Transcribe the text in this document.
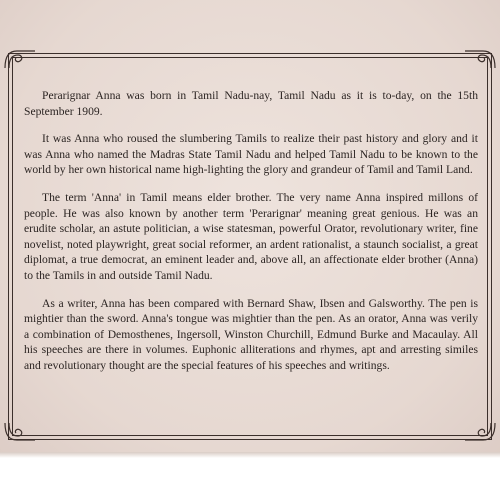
Perarignar Anna was born in Tamil Nadu-nay, Tamil Nadu as it is to-day, on the 15th September 1909.

It was Anna who roused the slumbering Tamils to realize their past history and glory and it was Anna who named the Madras State Tamil Nadu and helped Tamil Nadu to be known to the world by her own historical name high-lighting the glory and grandeur of Tamil and Tamil Land.

The term 'Anna' in Tamil means elder brother. The very name Anna inspired millons of people. He was also known by another term 'Perarignar' meaning great genious. He was an erudite scholar, an astute politician, a wise statesman, powerful Orator, revolutionary writer, fine novelist, noted playwright, great social reformer, an ardent rationalist, a staunch socialist, a great diplomat, a true democrat, an eminent leader and, above all, an affectionate elder brother (Anna) to the Tamils in and outside Tamil Nadu.

As a writer, Anna has been compared with Bernard Shaw, Ibsen and Galsworthy. The pen is mightier than the sword. Anna's tongue was mightier than the pen. As an orator, Anna was verily a combination of Demosthenes, Ingersoll, Winston Churchill, Edmund Burke and Macaulay. All his speeches are there in volumes. Euphonic alliterations and rhymes, apt and arresting similes and revolutionary thought are the special features of his speeches and writings.
